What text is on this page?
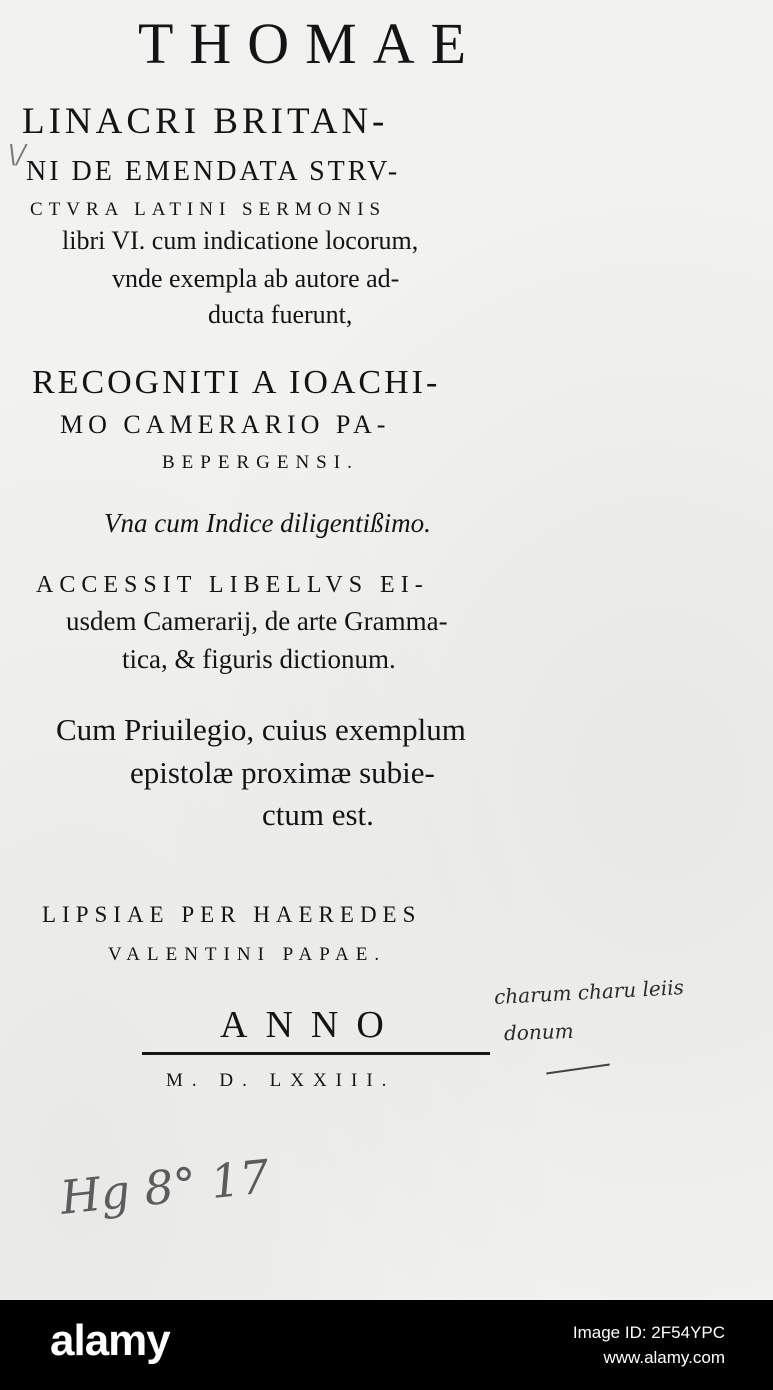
THOMAE
LINACRI BRITAN-
NI DE EMENDATA STRV-
CTVRA LATINI SERMONIS
libri VI. cum indicatione locorum,
vnde exempla ab autore ad-
ducta fuerunt,
RECOGNITI A IOACHI-
MO CAMERARIO PA-
BEPERGENSI.
Vna cum Indice diligentißimo.
ACCESSIT LIBELLVS EI-
usdem Camerarij, de arte Gramma-
tica, & figuris dictionum.
Cum Priuilegio, cuius exemplum
epistolæ proximæ subie-
ctum est.
LIPSIAE PER HAEREDES
VALENTINI PAPAE.
ANNO
M. D. LXXIII.
charum charu leiis
donum
Hg 8° 17
\/
alamy	Image ID: 2F54YPC
www.alamy.com
